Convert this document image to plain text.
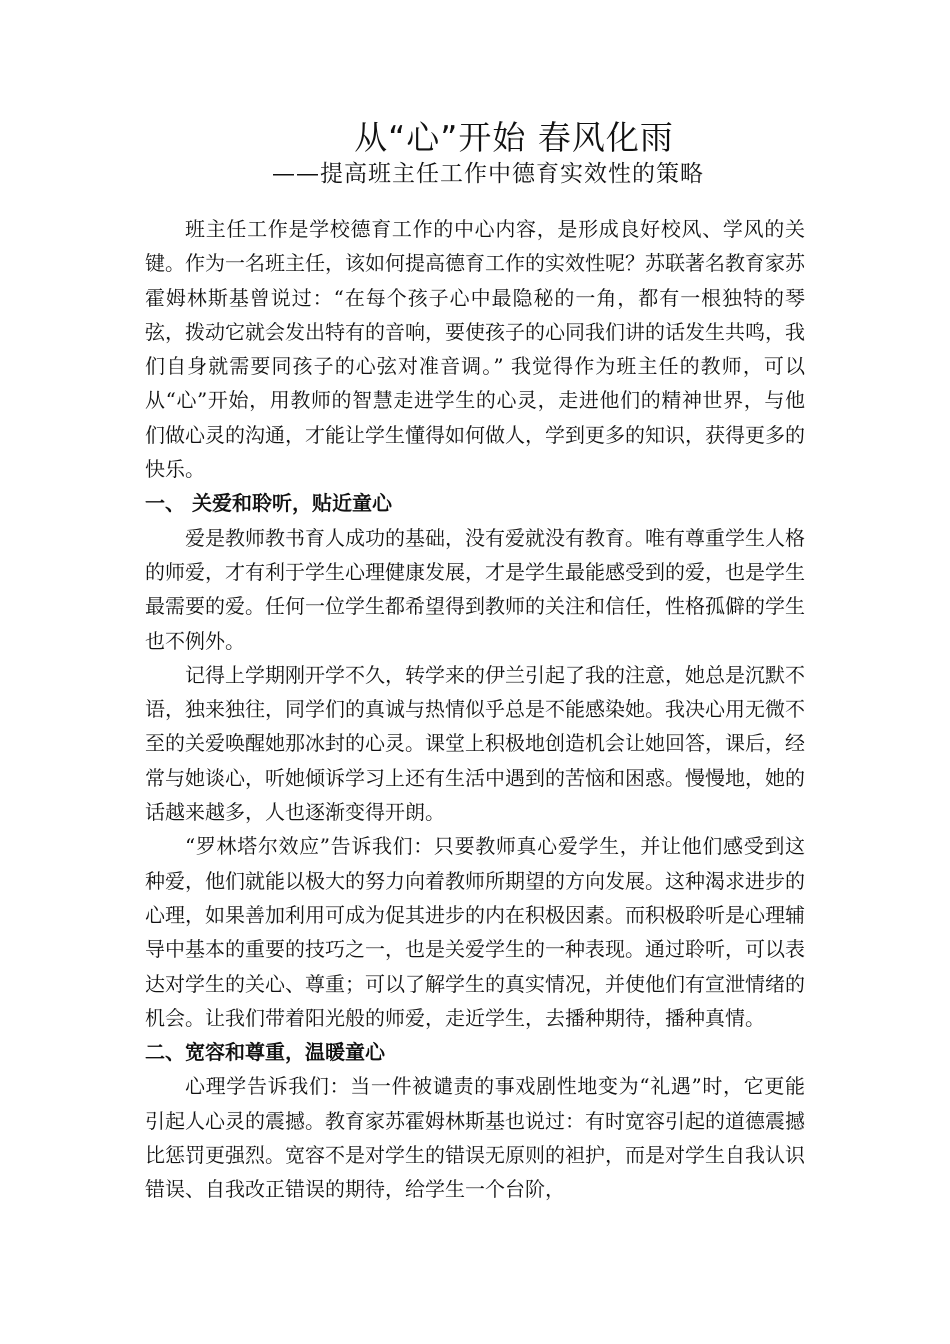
从“心”开始 春风化雨
——提高班主任工作中德育实效性的策略

班主任工作是学校德育工作的中心内容，是形成良好校风、学风的关键。作为一名班主任，该如何提高德育工作的实效性呢？苏联著名教育家苏霍姆林斯基曾说过：“在每个孩子心中最隐秘的一角，都有一根独特的琴弦，拨动它就会发出特有的音响，要使孩子的心同我们讲的话发生共鸣，我们自身就需要同孩子的心弦对准音调。” 我觉得作为班主任的教师，可以从“心”开始，用教师的智慧走进学生的心灵，走进他们的精神世界，与他们做心灵的沟通，才能让学生懂得如何做人，学到更多的知识，获得更多的快乐。

一、 关爱和聆听，贴近童心

爱是教师教书育人成功的基础，没有爱就没有教育。唯有尊重学生人格的师爱，才有利于学生心理健康发展，才是学生最能感受到的爱，也是学生最需要的爱。任何一位学生都希望得到教师的关注和信任，性格孤僻的学生也不例外。

记得上学期刚开学不久，转学来的伊兰引起了我的注意，她总是沉默不语，独来独往，同学们的真诚与热情似乎总是不能感染她。我决心用无微不至的关爱唤醒她那冰封的心灵。课堂上积极地创造机会让她回答，课后，经常与她谈心，听她倾诉学习上还有生活中遇到的苦恼和困惑。慢慢地，她的话越来越多，人也逐渐变得开朗。

“罗林塔尔效应”告诉我们：只要教师真心爱学生，并让他们感受到这种爱，他们就能以极大的努力向着教师所期望的方向发展。这种渴求进步的心理，如果善加利用可成为促其进步的内在积极因素。而积极聆听是心理辅导中基本的重要的技巧之一，也是关爱学生的一种表现。通过聆听，可以表达对学生的关心、尊重；可以了解学生的真实情况，并使他们有宣泄情绪的机会。让我们带着阳光般的师爱，走近学生，去播种期待，播种真情。

二、宽容和尊重，温暖童心

心理学告诉我们：当一件被谴责的事戏剧性地变为“礼遇”时，它更能引起人心灵的震撼。教育家苏霍姆林斯基也说过：有时宽容引起的道德震撼比惩罚更强烈。宽容不是对学生的错误无原则的袒护，而是对学生自我认识错误、自我改正错误的期待，给学生一个台阶，
